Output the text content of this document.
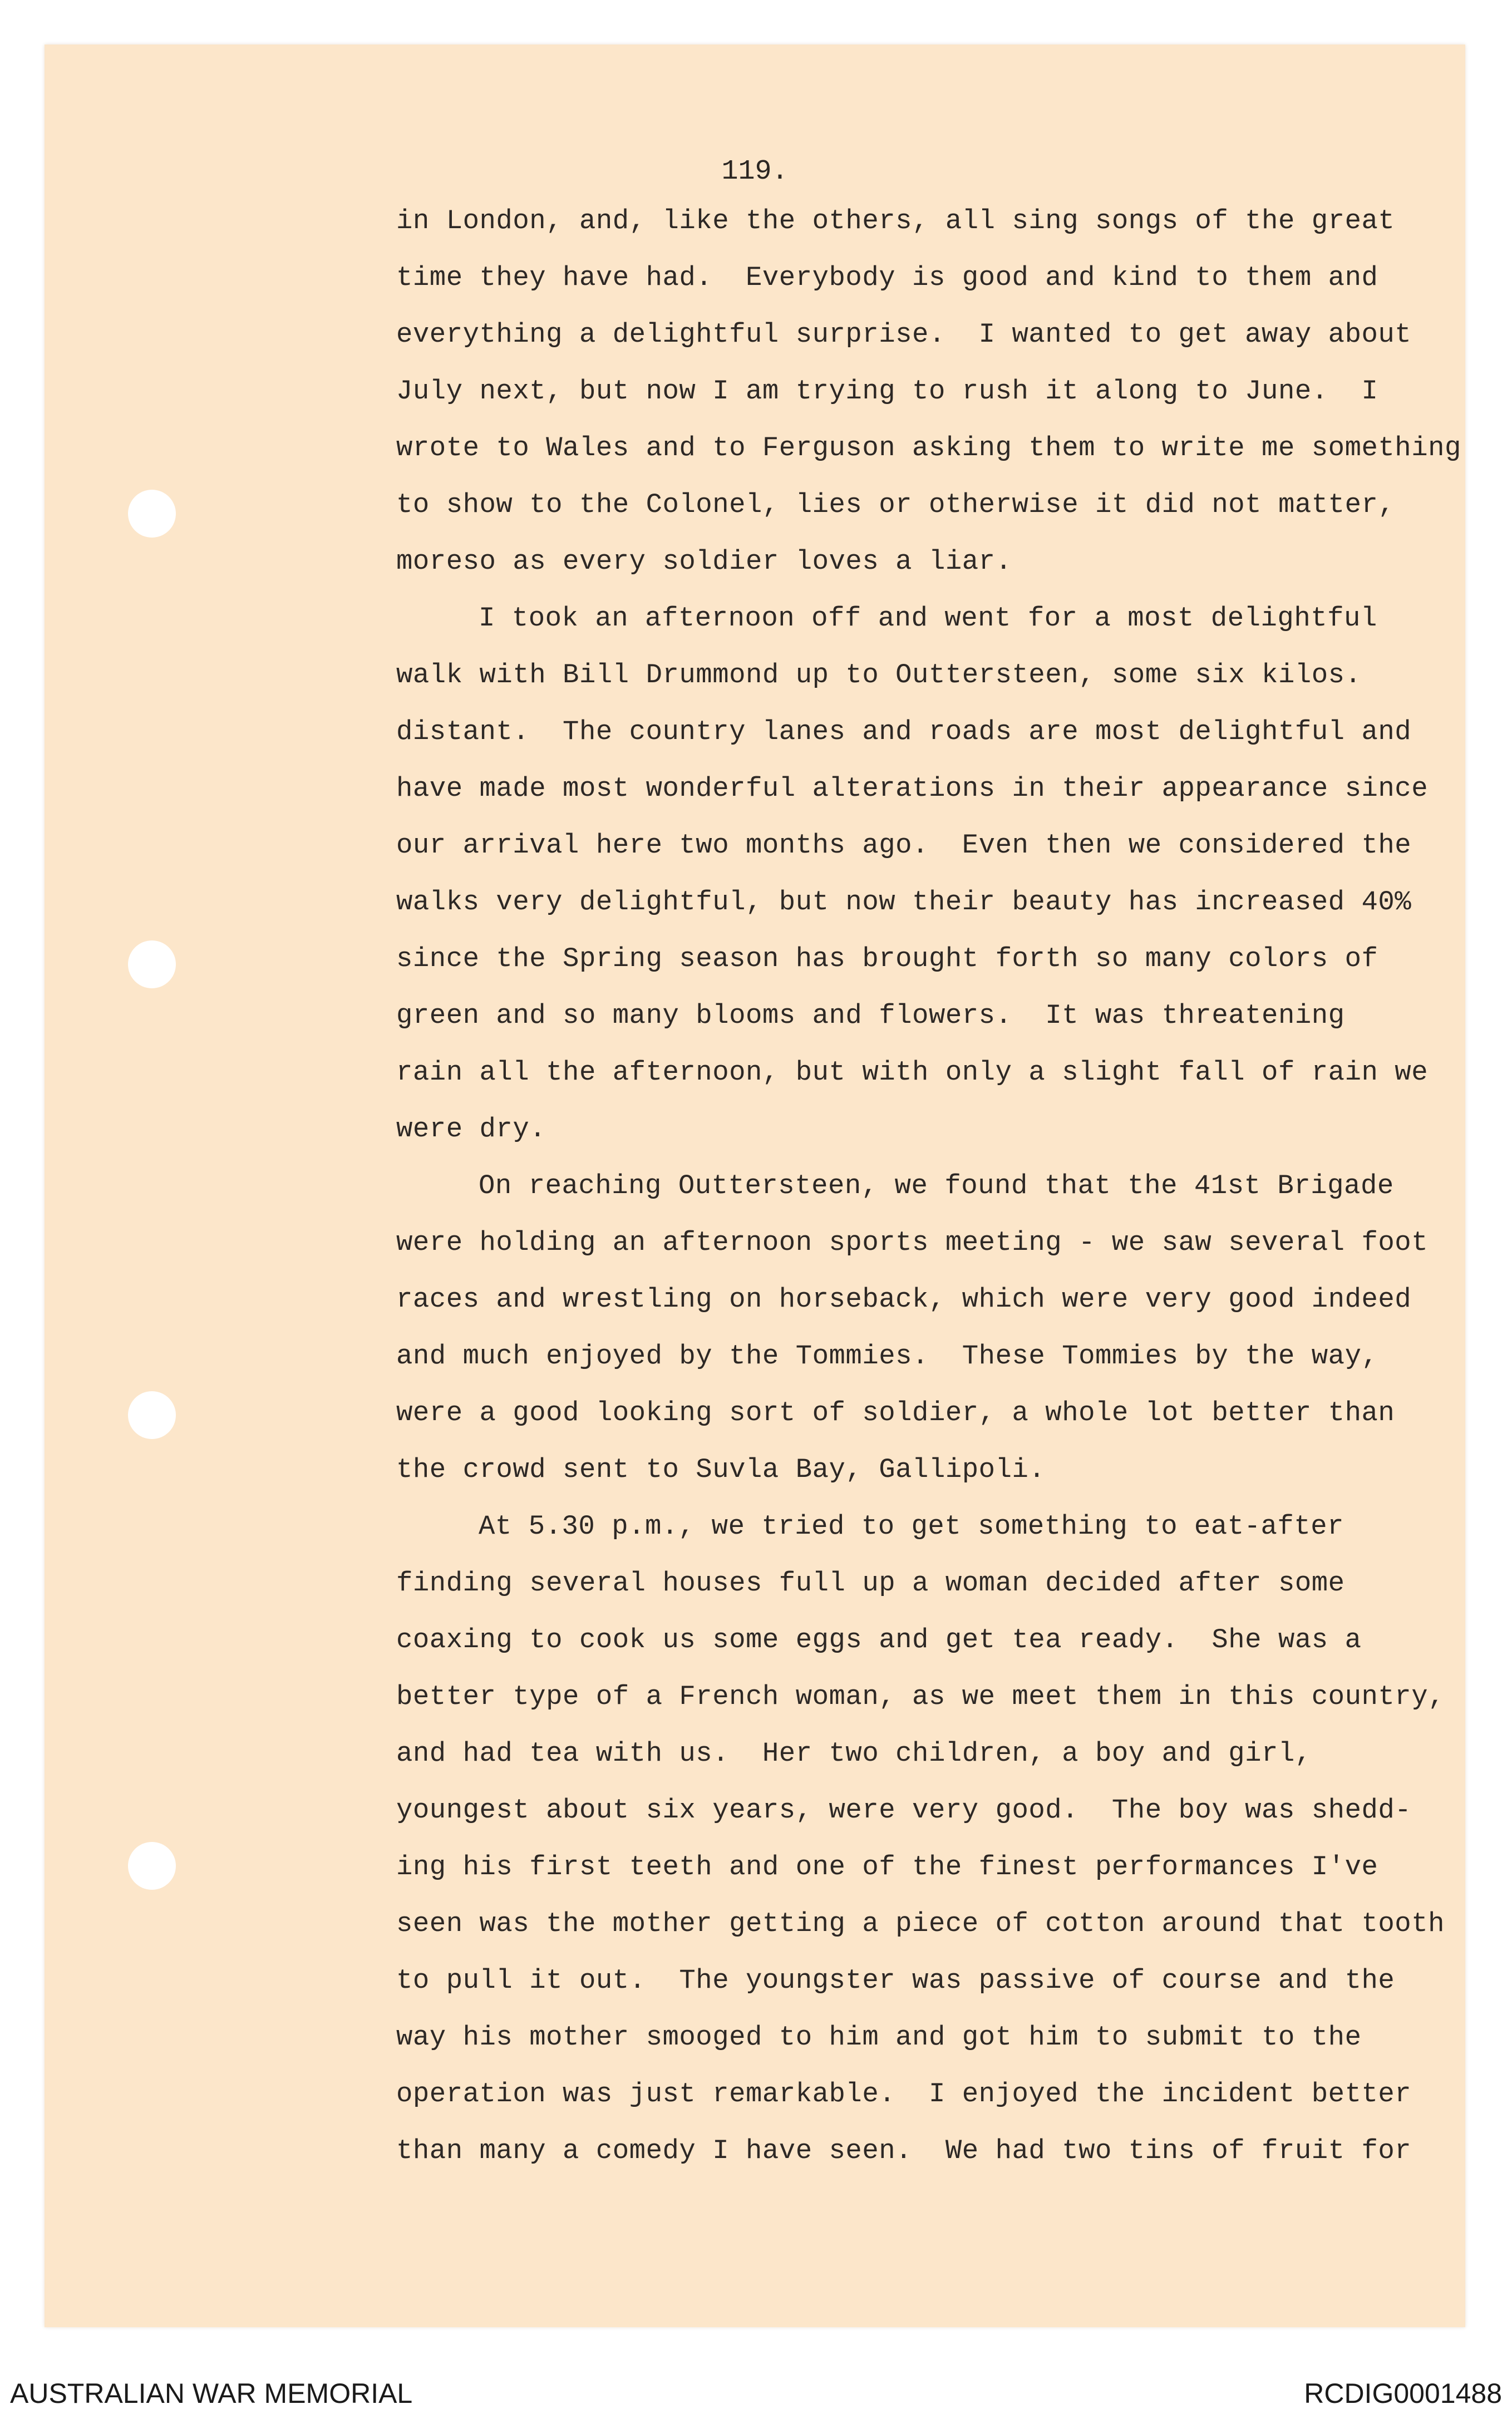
119.

in London, and, like the others, all sing songs of the great

time they have had.  Everybody is good and kind to them and

everything a delightful surprise.  I wanted to get away about

July next, but now I am trying to rush it along to June.  I

wrote to Wales and to Ferguson asking them to write me something

to show to the Colonel, lies or otherwise it did not matter,

moreso as every soldier loves a liar.

I took an afternoon off and went for a most delightful

walk with Bill Drummond up to Outtersteen, some six kilos.

distant.  The country lanes and roads are most delightful and

have made most wonderful alterations in their appearance since

our arrival here two months ago.  Even then we considered the

walks very delightful, but now their beauty has increased 40%

since the Spring season has brought forth so many colors of

green and so many blooms and flowers.  It was threatening

rain all the afternoon, but with only a slight fall of rain we

were dry.

On reaching Outtersteen, we found that the 41st Brigade

were holding an afternoon sports meeting - we saw several foot

races and wrestling on horseback, which were very good indeed

and much enjoyed by the Tommies.  These Tommies by the way,

were a good looking sort of soldier, a whole lot better than

the crowd sent to Suvla Bay, Gallipoli.

At 5.30 p.m., we tried to get something to eat-after

finding several houses full up a woman decided after some

coaxing to cook us some eggs and get tea ready.  She was a

better type of a French woman, as we meet them in this country,

and had tea with us.  Her two children, a boy and girl,

youngest about six years, were very good.  The boy was shedd-

ing his first teeth and one of the finest performances I've

seen was the mother getting a piece of cotton around that tooth

to pull it out.  The youngster was passive of course and the

way his mother smooged to him and got him to submit to the

operation was just remarkable.  I enjoyed the incident better

than many a comedy I have seen.  We had two tins of fruit for

AUSTRALIAN WAR MEMORIAL	RCDIG0001488
